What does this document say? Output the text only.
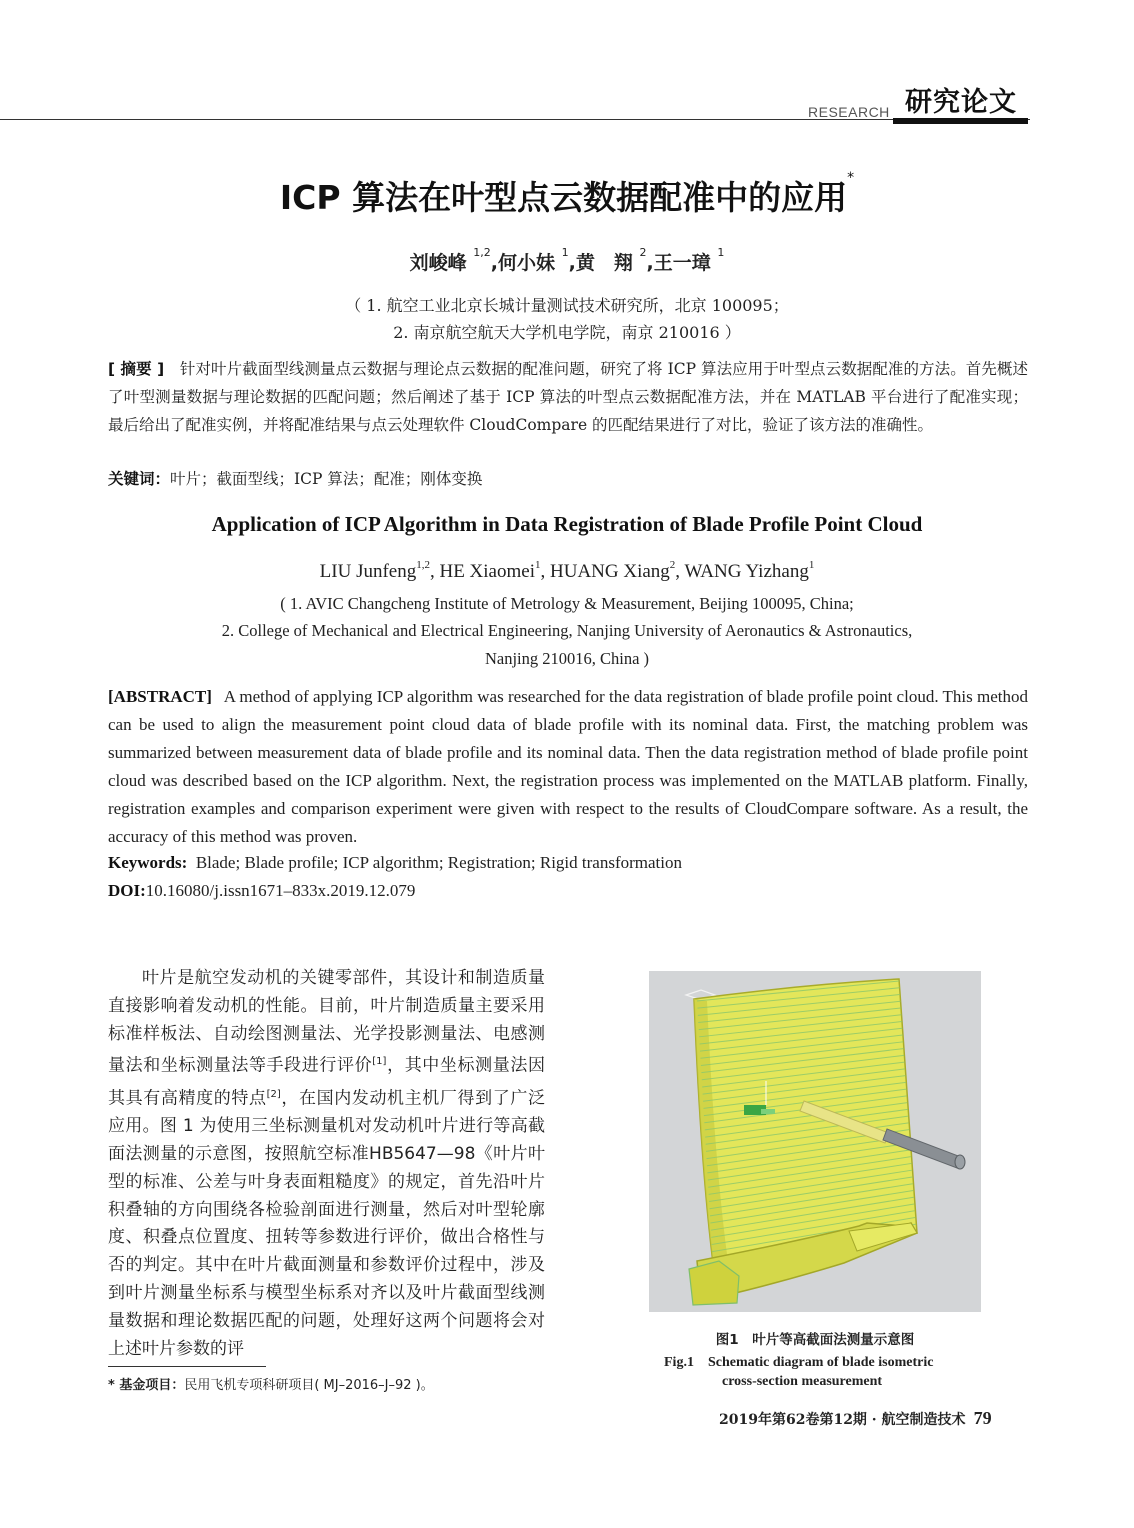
RESEARCH 研究论文
ICP 算法在叶型点云数据配准中的应用*
刘峻峰 $^{1,2}$,何小妹 $^1$,黄　翔 $^2$,王一璋 $^1$
（ 1. 航空工业北京长城计量测试技术研究所，北京 100095；
2. 南京航空航天大学机电学院，南京 210016 ）
[ 摘要 ]　 针对叶片截面型线测量点云数据与理论点云数据的配准问题，研究了将 ICP 算法应用于叶型点云数据配准的方法。首先概述了叶型测量数据与理论数据的匹配问题；然后阐述了基于 ICP 算法的叶型点云数据配准方法，并在 MATLAB 平台进行了配准实现；最后给出了配准实例，并将配准结果与点云处理软件 CloudCompare 的匹配结果进行了对比，验证了该方法的准确性。
关键词：叶片；截面型线；ICP 算法；配准；刚体变换
Application of ICP Algorithm in Data Registration of Blade Profile Point Cloud
LIU Junfeng$^{1,2}$, HE Xiaomei$^1$, HUANG Xiang$^2$, WANG Yizhang$^1$
( 1. AVIC Changcheng Institute of Metrology & Measurement, Beijing 100095, China;
2. College of Mechanical and Electrical Engineering, Nanjing University of Aeronautics & Astronautics,
Nanjing 210016, China )
[ABSTRACT] A method of applying ICP algorithm was researched for the data registration of blade profile point cloud. This method can be used to align the measurement point cloud data of blade profile with its nominal data. First, the matching problem was summarized between measurement data of blade profile and its nominal data. Then the data registration method of blade profile point cloud was described based on the ICP algorithm. Next, the registration process was implemented on the MATLAB platform. Finally, registration examples and comparison experiment were given with respect to the results of CloudCompare software. As a result, the accuracy of this method was proven.
Keywords: Blade; Blade profile; ICP algorithm; Registration; Rigid transformation
DOI:10.16080/j.issn1671–833x.2019.12.079
叶片是航空发动机的关键零部件，其设计和制造质量直接影响着发动机的性能。目前，叶片制造质量主要采用标准样板法、自动绘图测量法、光学投影测量法、电感测量法和坐标测量法等手段进行评价[1]，其中坐标测量法因其具有高精度的特点[2]，在国内发动机主机厂得到了广泛应用。图 1 为使用三坐标测量机对发动机叶片进行等高截面法测量的示意图，按照航空标准HB5647—98《叶片叶型的标准、公差与叶身表面粗糙度》的规定，首先沿叶片积叠轴的方向围绕各检验剖面进行测量，然后对叶型轮廓度、积叠点位置度、扭转等参数进行评价，做出合格性与否的判定。其中在叶片截面测量和参数评价过程中，涉及到叶片测量坐标系与模型坐标系对齐以及叶片截面型线测量数据和理论数据匹配的问题，处理好这两个问题将会对上述叶片参数的评
* 基金项目：民用飞机专项科研项目( MJ–2016–J–92 )。
图1　叶片等高截面法测量示意图
Fig.1　Schematic diagram of blade isometric
cross-section measurement
2019年第62卷第12期 · 航空制造技术 79
